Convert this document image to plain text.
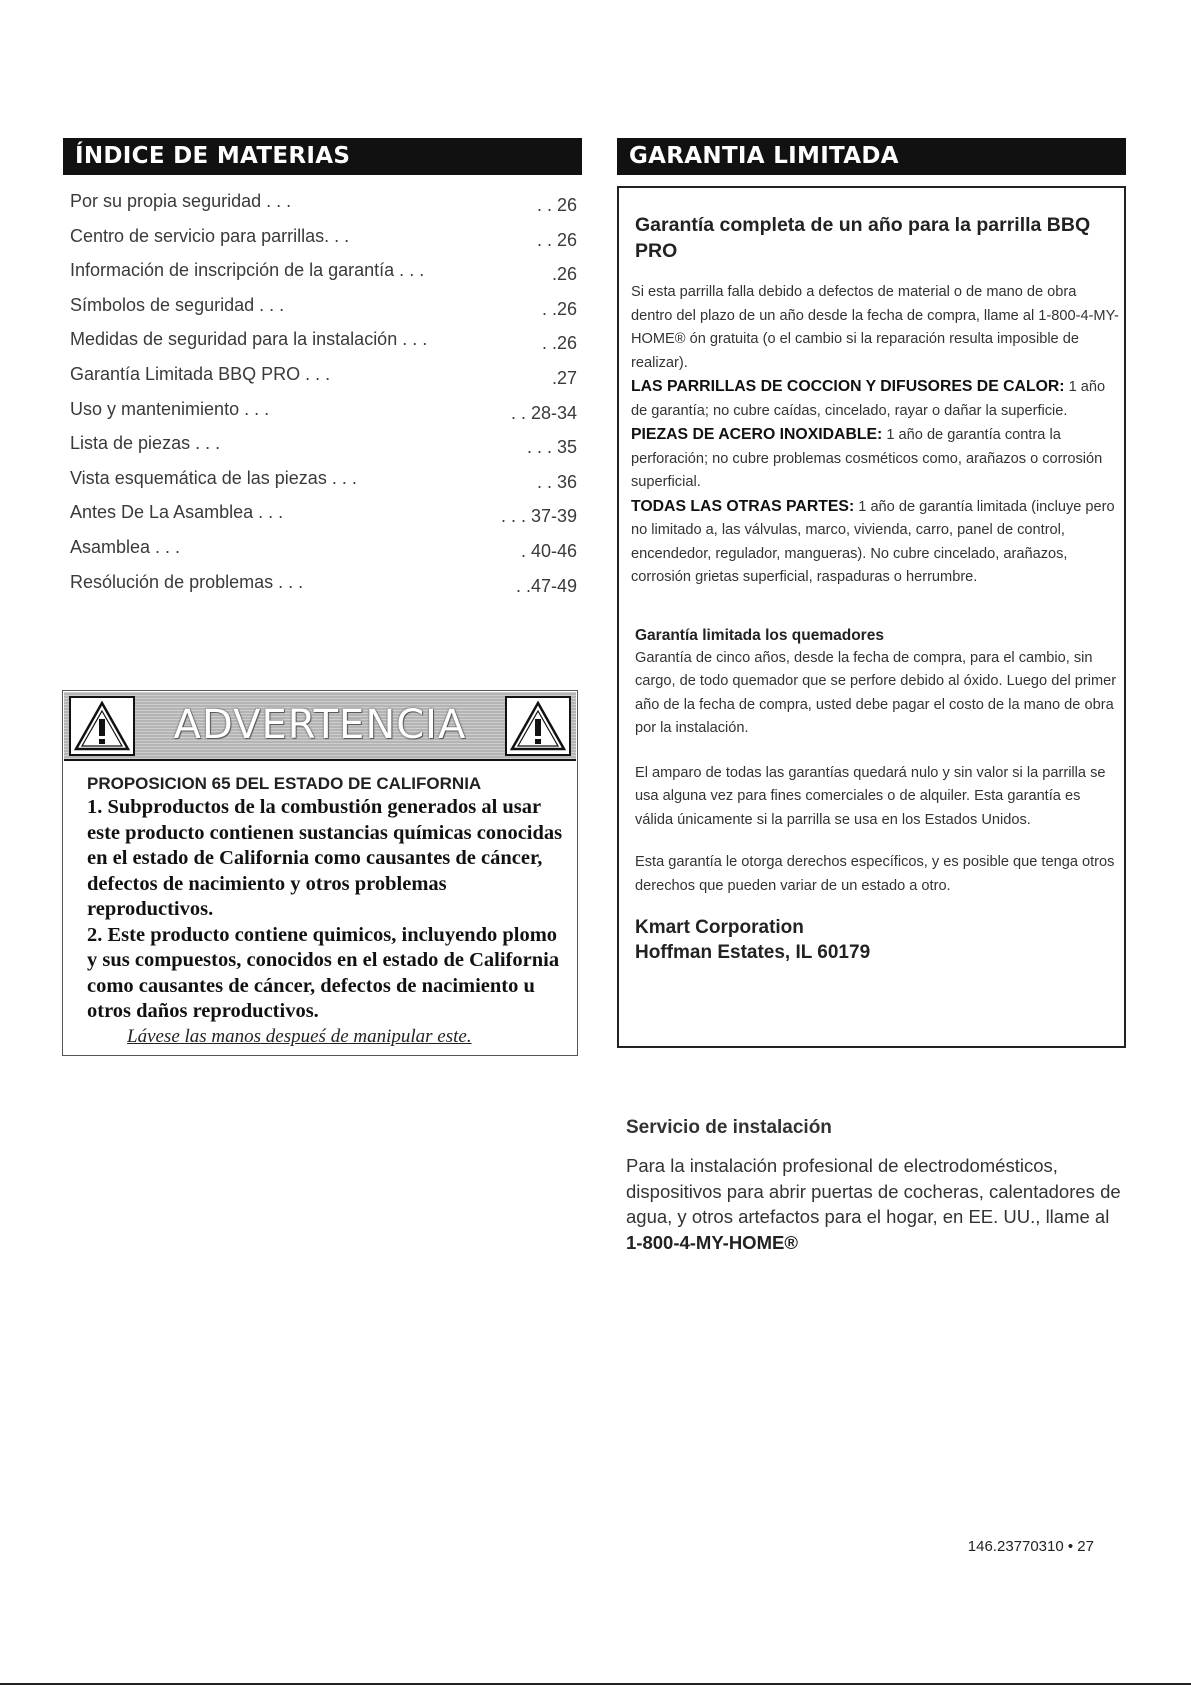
ÍNDICE DE MATERIAS
Por su propia seguridad . . .	. . 26
Centro de servicio para parrillas. . .	. . 26
Información de inscripción de la garantía . . .	.26
Símbolos de seguridad . . .	. .26
Medidas de seguridad para la instalación . . .	. .26
Garantía Limitada BBQ PRO . . .	.27
Uso y mantenimiento . . .	. . 28-34
Lista de piezas . . .	. . . 35
Vista esquemática de las piezas . . .	. . 36
Antes De La Asamblea . . .	. . . 37-39
Asamblea . . .	. 40-46
Resólución de problemas . . .	. .47-49
ADVERTENCIA
PROPOSICION 65 DEL ESTADO DE CALIFORNIA

1. Subproductos de la combustión generados al usar este producto contienen sustancias químicas conocidas en el estado de California como causantes de cáncer, defectos de nacimiento y otros problemas reproductivos.

2. Este producto contiene quimicos, incluyendo plomo y sus compuestos, conocidos en el estado de California como causantes de cáncer, defectos de nacimiento u otros daños reproductivos.

Lávese las manos despueś de manipular este.
GARANTIA LIMITADA
Garantía completa de un año para la parrilla BBQ PRO

Si esta parrilla falla debido a defectos de material o de mano de obra dentro del plazo de un año desde la fecha de compra, llame al 1-800-4-MY-HOME® ón gratuita (o el cambio si la reparación resulta imposible de realizar).

LAS PARRILLAS DE COCCION Y DIFUSORES DE CALOR: 1 año de garantía; no cubre caídas, cincelado, rayar o dañar la superficie.

PIEZAS DE ACERO INOXIDABLE: 1 año de garantía contra la perforación; no cubre problemas cosméticos como, arañazos o corrosión superficial.

TODAS LAS OTRAS PARTES: 1 año de garantía limitada (incluye pero no limitado a, las válvulas, marco, vivienda, carro, panel de control, encendedor, regulador, mangueras). No cubre cincelado, arañazos, corrosión grietas superficial, raspaduras o herrumbre.

Garantía limitada los quemadores

Garantía de cinco años, desde la fecha de compra, para el cambio, sin cargo, de todo quemador que se perfore debido al óxido. Luego del primer año de la fecha de compra, usted debe pagar el costo de la mano de obra por la instalación.

El amparo de todas las garantías quedará nulo y sin valor si la parrilla se usa alguna vez para fines comerciales o de alquiler. Esta garantía es válida únicamente si la parrilla se usa en los Estados Unidos.

Esta garantía le otorga derechos específicos, y es posible que tenga otros derechos que pueden variar de un estado a otro.

Kmart Corporation
Hoffman Estates, IL 60179
Servicio de instalación
Para la instalación profesional de electrodomésticos, dispositivos para abrir puertas de cocheras, calentadores de agua, y otros artefactos para el hogar, en EE. UU., llame al
1-800-4-MY-HOME®
146.23770310 • 27
